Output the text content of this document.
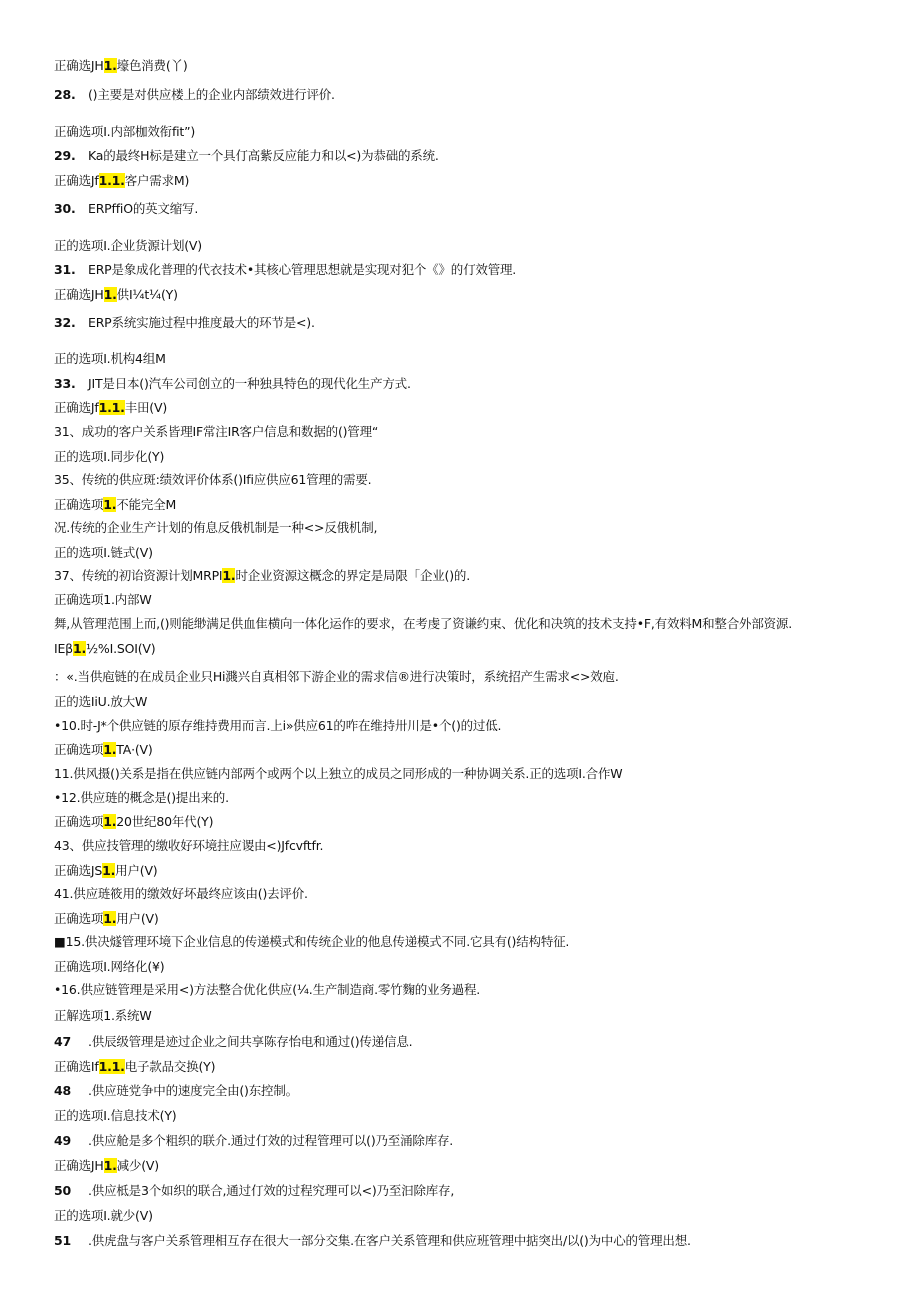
正确选JH1.壕色消费(丫)
28. ()主要是对供应楼上的企业内部绩效进行评价.
正确选项I.内部枷效衔fit”)
29. Ka的最终H标是建立一个具仃高紫反应能力和以<)为恭础的系统.
正确选Jf1.1.客户需求M)
30. ERPffiO的英文缩写.
正的选项I.企业货源计划(V)
31. ERP是象成化普理的代衣技术•其核心管理思想就是实现对犯个《》的仃效管理.
正确选JH1.供I¼t¼(Y)
32. ERP系统实施过程中推度最大的环节是<).
正的选项I.机构4组M
33. JIT是日本()汽车公司创立的一种独具特色的现代化生产方式.
正确选Jf1.1.丰田(V)
31、成功的客户关系皆理IF常注IR客户信息和数据的()管理“
正的选项I.同步化(Y)
35、传统的供应斑:绩效评价体系()Ifi应供应61管理的需要.
正确选项1.不能完全M
况.传统的企业生产计划的侑息反俄机制是一种<>反俄机制,
正的选项I.链式(V)
37、传统的初诒资源计划MRPI1.时企业资源这概念的界定是局限「企业()的.
正确选项1.内部W
舞,从管理范围上而,()则能缈满足供血隹横向一体化运作的要求，在考虔了资谦约束、优化和决筑的技术支持•F,有效料M和整合外部资源.
IEβ1.½%I.SOI(V)
：«.当供庖链的在成员企业只Hi濺兴自真相邻下游企业的需求信®进行决策时，系统招产生需求<>效庖.
正的选IiU.放大W
•10.时-J*个供应链的原存维持费用而言.上i»供应61的咋在维持卅川是•个()的过低.
正确选项1.TA·(V)
11.供风摄()关系是指在供应链内部两个或两个以上独立的成员之同形成的一种协调关系.正的选项I.合作W
•12.供应琏的概念是()提出来的.
正确选项1.20世纪80年代(Y)
43、供应技管理的缴收好环境拄应谡由<)Jfcvftfr.
正确选JS1.用户(V)
41.供应琏筱用的缴效好坏最终应该由()去评价.
正确选项1.用户(V)
■15.供决燧管理环境下企业信息的传递模式和传统企业的他息传递模式不同.它具有()结构特征.
正确选项I.网络化(¥)
•16.供应链管理是采用<)方法整合优化供应(¼.生产制造商.零竹麴的业务過程.
正解选项1.系统W
47 .供辰级管理是迹过企业之间共享陈存怡电和通过()传递信息.
正确选If1.1.电子款品交换(Y)
48 .供应琏党争中的速度完全由()东控制。
正的选项I.信息技术(Y)
49 .供应舱是多个粗织的联介.通过仃效的过程管理可以()乃至涌除库存.
正确选JH1.减少(V)
50 .供应柢是3个如织的联合,通过仃效的过程究理可以<)乃至汩除库存,
正的选项I.就少(V)
51 .供虎盘与客户关系管理相互存在很大一部分交集.在客户关系管理和供应班管理中掂突出/以()为中心的管理出想.
